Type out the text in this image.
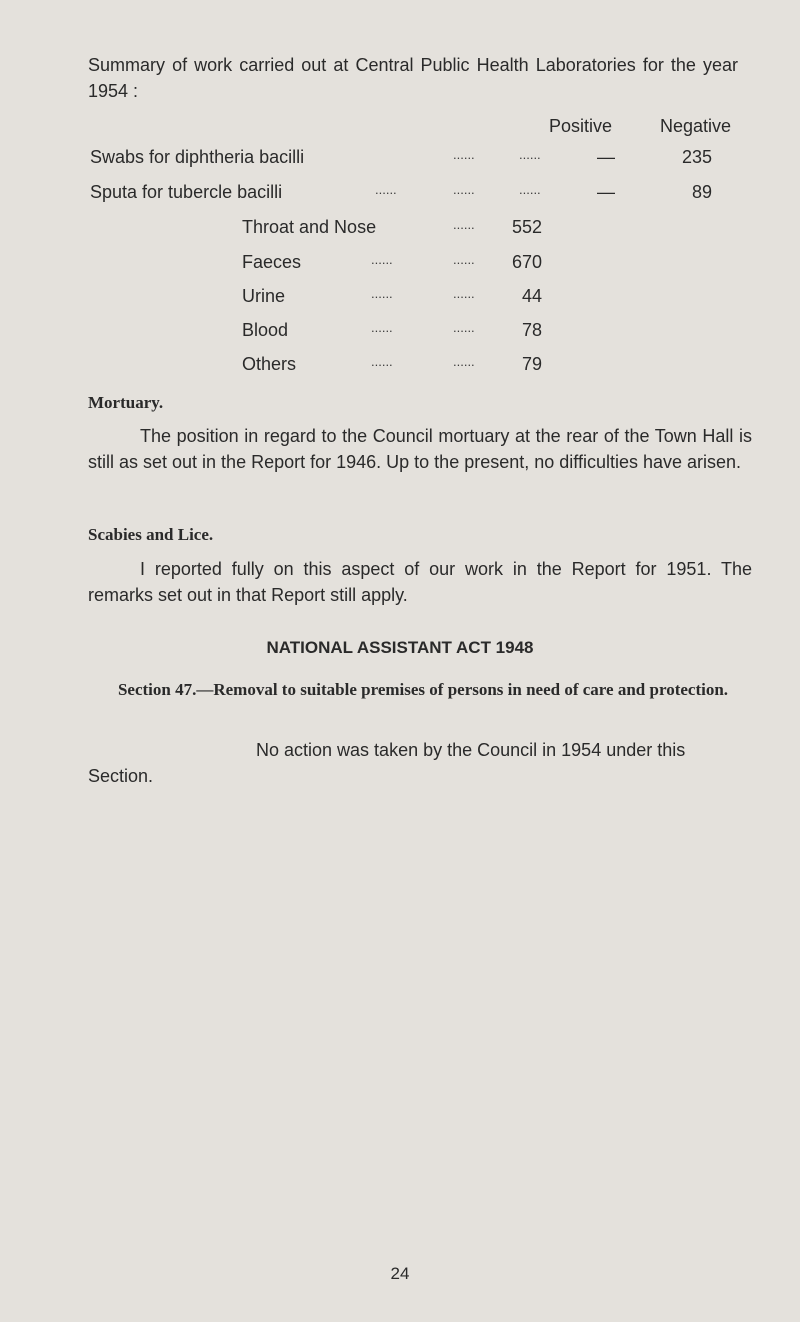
Summary of work carried out at Central Public Health Laboratories for the year 1954 :
Positive	Negative
Swabs for diphtheria bacilli	......	......	—	235
Sputa for tubercle bacilli	......	......	......	—	89
Throat and Nose	......	552
Faeces	......	......	670
Urine	......	......	44
Blood	......	......	78
Others	......	......	79
Mortuary.
The position in regard to the Council mortuary at the rear of the Town Hall is still as set out in the Report for 1946. Up to the present, no difficulties have arisen.
Scabies and Lice.
I reported fully on this aspect of our work in the Report for 1951. The remarks set out in that Report still apply.
NATIONAL ASSISTANT ACT 1948
Section 47.—Removal to suitable premises of persons in need of care and protection.
No action was taken by the Council in 1954 under this Section.
24
